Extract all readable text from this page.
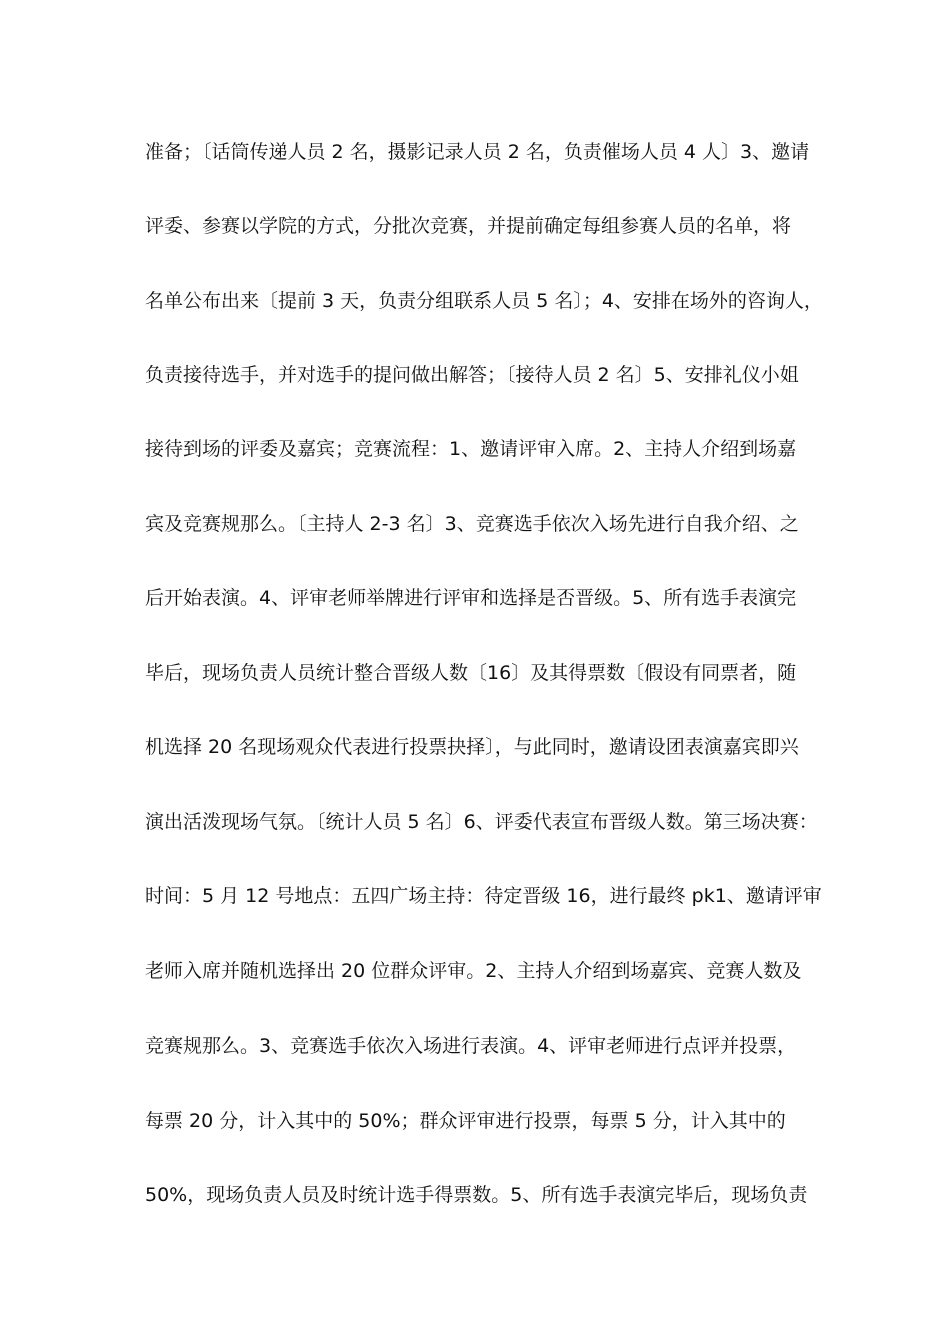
准备；〔话筒传递人员 2 名，摄影记录人员 2 名，负责催场人员 4 人〕3、邀请
评委、参赛以学院的方式，分批次竞赛，并提前确定每组参赛人员的名单，将
名单公布出来〔提前 3 天，负责分组联系人员 5 名〕；4、安排在场外的咨询人，
负责接待选手，并对选手的提问做出解答；〔接待人员 2 名〕5、安排礼仪小姐
接待到场的评委及嘉宾；竞赛流程：1、邀请评审入席。2、主持人介绍到场嘉
宾及竞赛规那么。〔主持人 2-3 名〕3、竞赛选手依次入场先进行自我介绍、之
后开始表演。4、评审老师举牌进行评审和选择是否晋级。5、所有选手表演完
毕后，现场负责人员统计整合晋级人数〔16〕及其得票数〔假设有同票者，随
机选择 20 名现场观众代表进行投票抉择〕，与此同时，邀请设团表演嘉宾即兴
演出活泼现场气氛。〔统计人员 5 名〕6、评委代表宣布晋级人数。第三场决赛：
时间：5 月 12 号地点：五四广场主持：待定晋级 16，进行最终 pk1、邀请评审
老师入席并随机选择出 20 位群众评审。2、主持人介绍到场嘉宾、竞赛人数及
竞赛规那么。3、竞赛选手依次入场进行表演。4、评审老师进行点评并投票，
每票 20 分，计入其中的 50%；群众评审进行投票，每票 5 分，计入其中的
50%，现场负责人员及时统计选手得票数。5、所有选手表演完毕后，现场负责
